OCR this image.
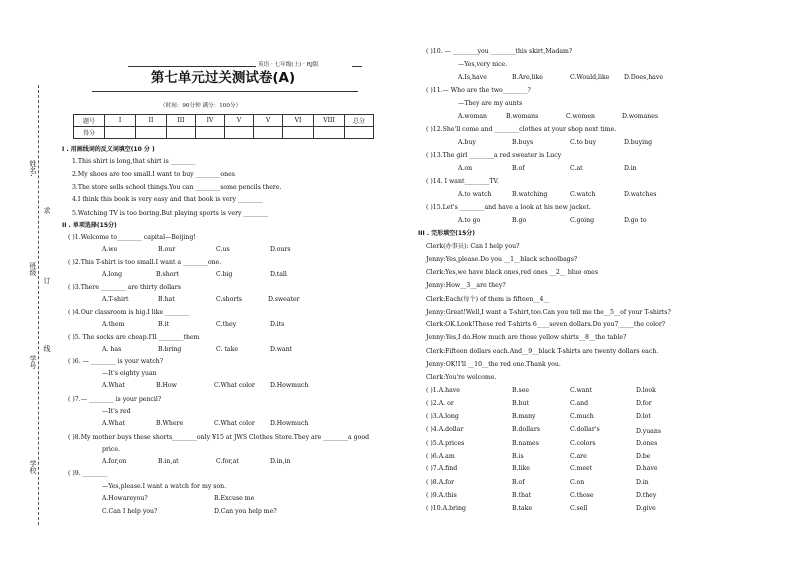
姓名
求
班级
订
线
学号
学校
英语 · 七年级(上) · RJ版
第七单元过关测试卷(A)
（时间：90分钟 满分：100分）
题号	I	II	III	IV	V	V	VI	VIII	总分
得分									
I . 用画线词的反义词填空(10 分 )
1.This shirt is long,that shirt is ________
2.My shoes are too small.I want to buy ________ones
3.The store sells school things.You can ________some pencils there.
4.I think this book is very easy and that book is very ________
5.Watching TV is too boring.But playing sports is very ________
II . 单项选择(15分)
( )1.Welcome to________ capital—Beijing!
A.we	B.our	C.us	D.ours
( )2.This T-shirt is too small.I want a ________one.
A.long	B.short	C.big	D.tall
( )3.There ________ are thirty dollars
A.T-shirt	B.hat	C.shorts	D.sweater
( )4.Our classroom is big.I like ________
A.them	B.it	C.they	D.its
( )5. The socks are cheap.I'll ________them
A. has	B.bring	C. take	D.want
( )6. — ________ is your watch?
—It's eighty yuan
A.What	B.How	C.What color D.Howmuch
( )7.— ________ is your pencil?
—It's red
A.What	B.Where	C.What color D.Howmuch
( )8.My mother buys these shorts________only ¥15 at JWS Clothes Store.They are ________a good
price.
A.for,on	B.in,at	C.for,at	D.in,in
( )9. ________
—Yes,please.I want a watch for my son.
A.Howareyou?	B.Excuse me
C.Can I help you?	D.Can you help me?
( )10. — ________you ________this skirt,Madam?
—Yes,very nice.
A.Is,have	B.Are,like	C.Would,like D.Does,have
( )11.— Who are the two________?
—They are my aunts
A.woman	B.womans	C.women	D.womanes
( )12.She'll come and ________clothes at your shop next time.
A.buy	B.buys	C.to buy	D.buying
( )13.The girl ________a red sweater is Lucy
A.on	B.of	C.at	D.in
( )14. I want________TV.
A.to watch	B.watching	C.watch	D.watches
( )15.Let's ________and have a look at his new jacket.
A.to go	B.go	C.going	D.go to
III . 完形填空(15分)
Clerk(办事员): Can I help you?
Jenny:Yes,please.Do you __1__black schoolbags?
Clerk:Yes,we have black ones,red ones __2__ blue ones
Jenny:How__3__are they?
Clerk:Each(每个) of them is fifteen__4__
Jenny:Great!Well,I want a T-shirt,too.Can you tell me the__5__of your T-shirts?
Clerk:OK.Look!These red T-shirts 6____seven dollars.Do you7_____the color?
Jenny:Yes,I do.How much are those yellow shirts__8__the table?
Clerk:Fifteen dollars each.And__9__black T-shirts are twenty dollars each.
Jenny:OK!I'll __10__the red one.Thank you.
Clerk:You're welcome.
( )1.A.have	B.see	C.want	D.look
( )2.A. or	B.but	C.and	D.for
( )3.A.long	B.many	C.much	D.lot
( )4.A.dollar	B.dollars	C.dollar's	D.yuans
( )5.A.prices	B.names	C.colors	D.ones
( )6.A.am	B.is	C.are	D.be
( )7.A.find	B.like	C.meet	D.have
( )8.A.for	B.of	C.on	D.in
( )9.A.this	B.that	C.those	D.they
( )10.A.bring	B.take	C.sell	D.give
